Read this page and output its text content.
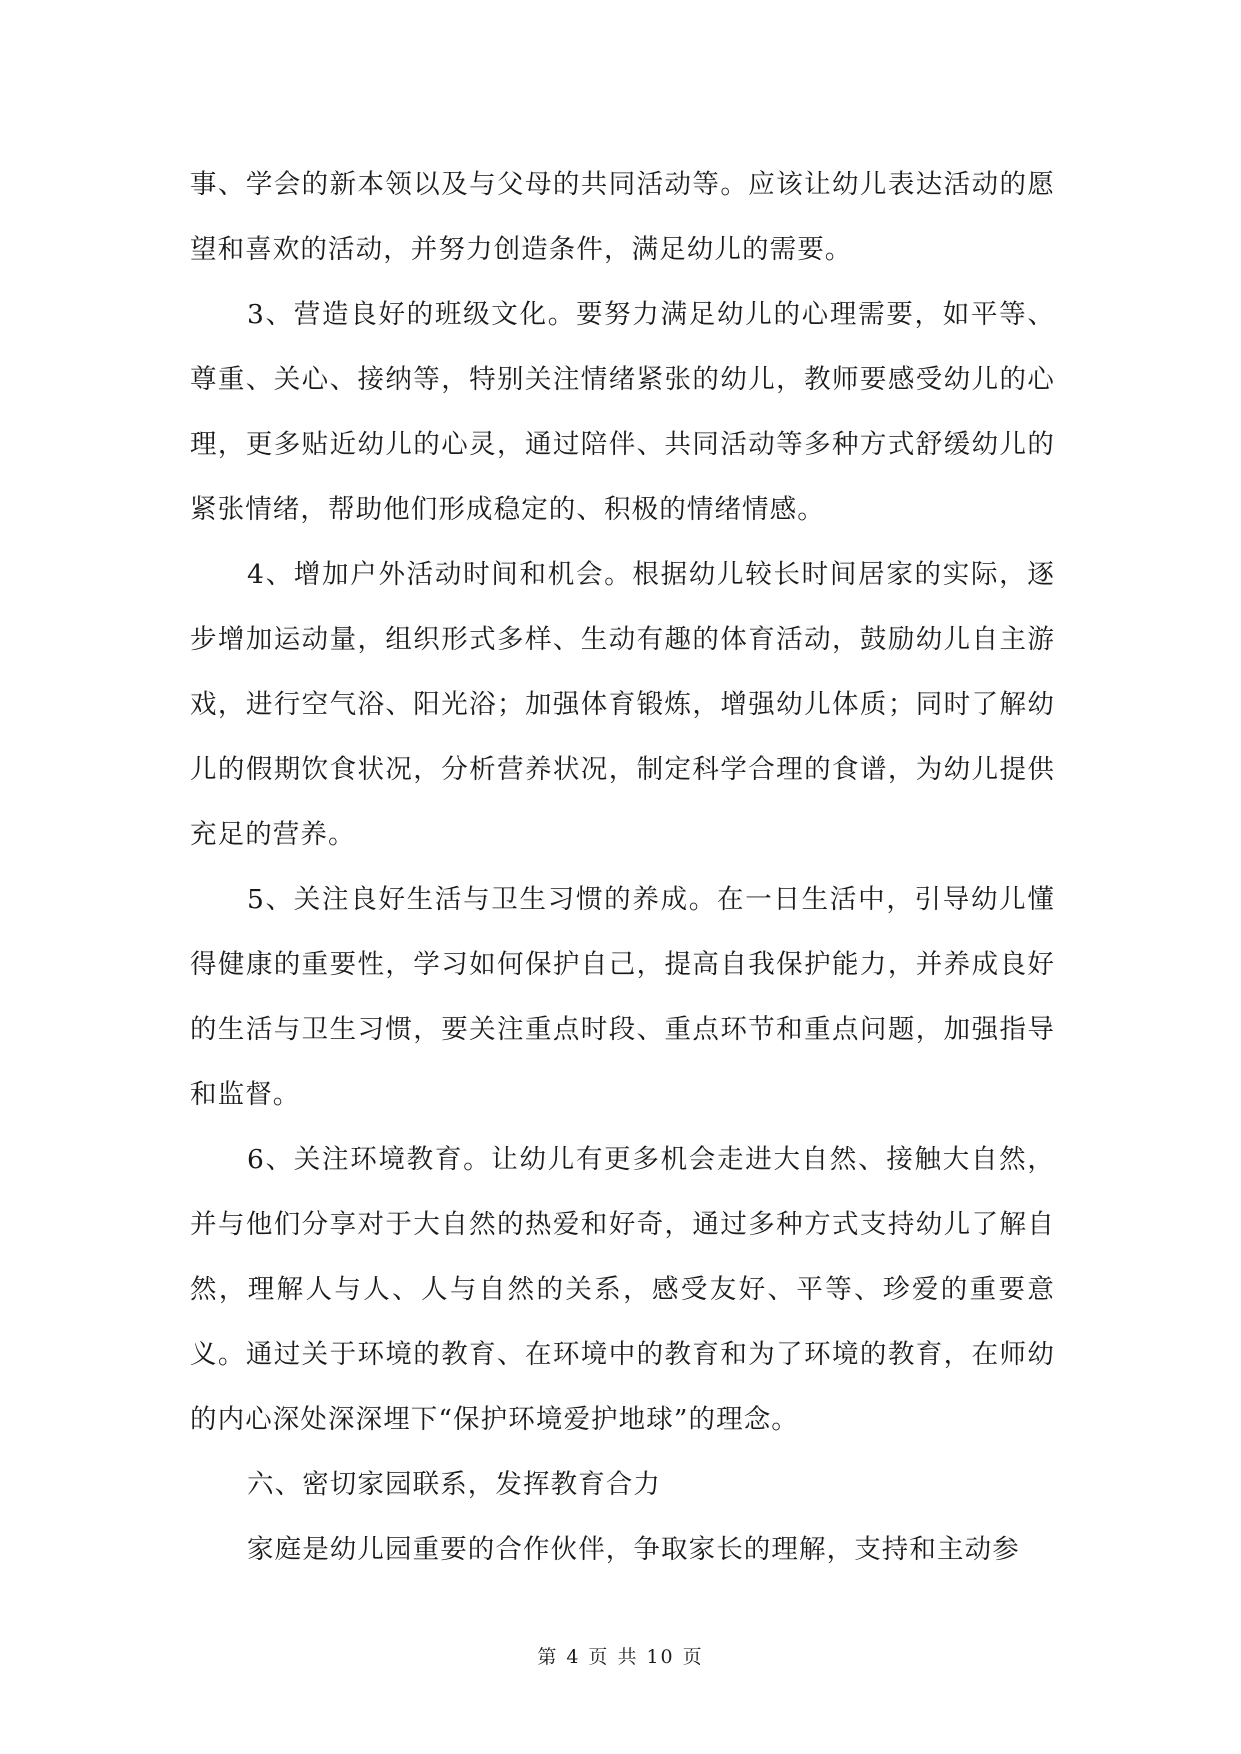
事、学会的新本领以及与父母的共同活动等。应该让幼儿表达活动的愿望和喜欢的活动，并努力创造条件，满足幼儿的需要。

3、营造良好的班级文化。要努力满足幼儿的心理需要，如平等、尊重、关心、接纳等，特别关注情绪紧张的幼儿，教师要感受幼儿的心理，更多贴近幼儿的心灵，通过陪伴、共同活动等多种方式舒缓幼儿的紧张情绪，帮助他们形成稳定的、积极的情绪情感。

4、增加户外活动时间和机会。根据幼儿较长时间居家的实际，逐步增加运动量，组织形式多样、生动有趣的体育活动，鼓励幼儿自主游戏，进行空气浴、阳光浴；加强体育锻炼，增强幼儿体质；同时了解幼儿的假期饮食状况，分析营养状况，制定科学合理的食谱，为幼儿提供充足的营养。

5、关注良好生活与卫生习惯的养成。在一日生活中，引导幼儿懂得健康的重要性，学习如何保护自己，提高自我保护能力，并养成良好的生活与卫生习惯，要关注重点时段、重点环节和重点问题，加强指导和监督。

6、关注环境教育。让幼儿有更多机会走进大自然、接触大自然，并与他们分享对于大自然的热爱和好奇，通过多种方式支持幼儿了解自然，理解人与人、人与自然的关系，感受友好、平等、珍爱的重要意义。通过关于环境的教育、在环境中的教育和为了环境的教育，在师幼的内心深处深深埋下“保护环境爱护地球”的理念。

六、密切家园联系，发挥教育合力

家庭是幼儿园重要的合作伙伴，争取家长的理解，支持和主动参

第 4 页 共 10 页
